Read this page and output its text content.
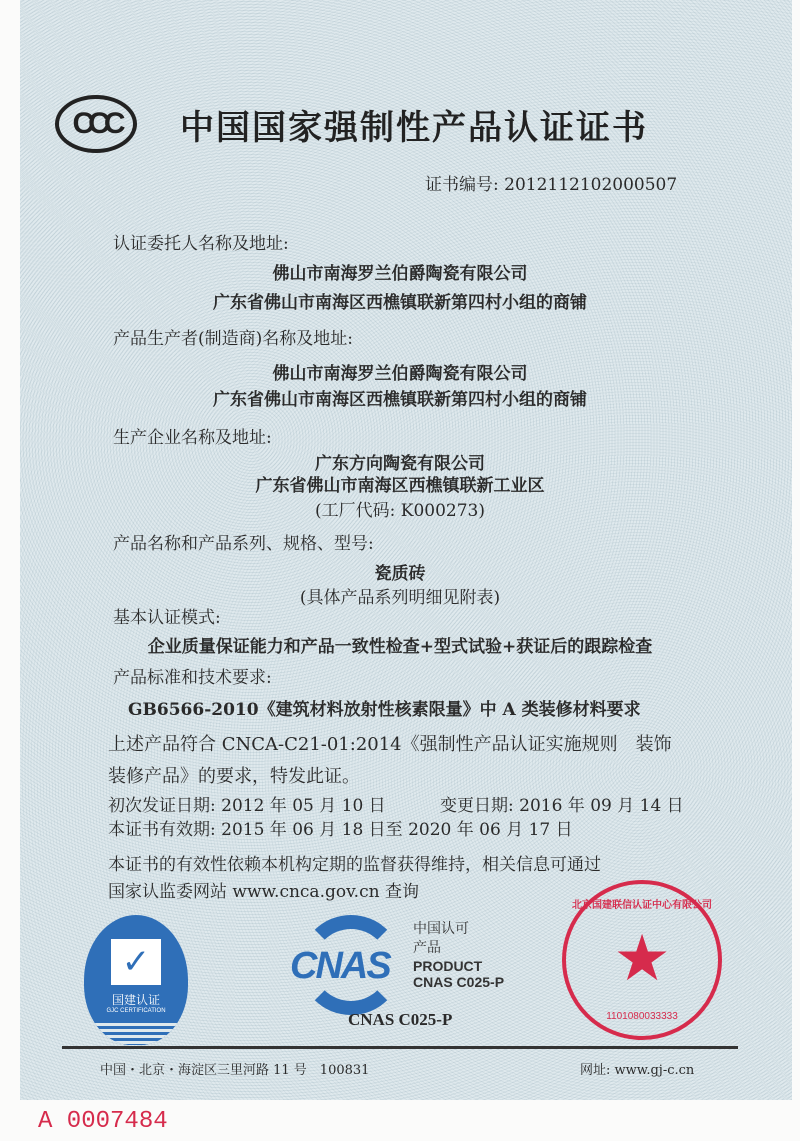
CCC 中国国家强制性产品认证证书
证书编号: 2012112102000507
认证委托人名称及地址:
佛山市南海罗兰伯爵陶瓷有限公司
广东省佛山市南海区西樵镇联新第四村小组的商铺
产品生产者(制造商)名称及地址:
佛山市南海罗兰伯爵陶瓷有限公司
广东省佛山市南海区西樵镇联新第四村小组的商铺
生产企业名称及地址:
广东方向陶瓷有限公司
广东省佛山市南海区西樵镇联新工业区
(工厂代码: K000273)
产品名称和产品系列、规格、型号:
瓷质砖
(具体产品系列明细见附表)
基本认证模式:
企业质量保证能力和产品一致性检查+型式试验+获证后的跟踪检查
产品标准和技术要求:
GB6566-2010《建筑材料放射性核素限量》中 A 类装修材料要求
上述产品符合 CNCA-C21-01:2014《强制性产品认证实施规则　装饰
装修产品》的要求，特发此证。
初次发证日期: 2012 年 05 月 10 日	变更日期: 2016 年 09 月 14 日
本证书有效期: 2015 年 06 月 18 日至 2020 年 06 月 17 日
本证书的有效性依赖本机构定期的监督获得维持，相关信息可通过
国家认监委网站 www.cnca.gov.cn 查询
✓
国建认证
GJC CERTIFICATION
CNAS
中国认可
产品
PRODUCT
CNAS C025-P
CNAS C025-P
北京国建联信认证中心有限公司
★
1101080033333
中国・北京・海淀区三里河路 11 号　100831	网址: www.gj-c.cn
A 0007484
